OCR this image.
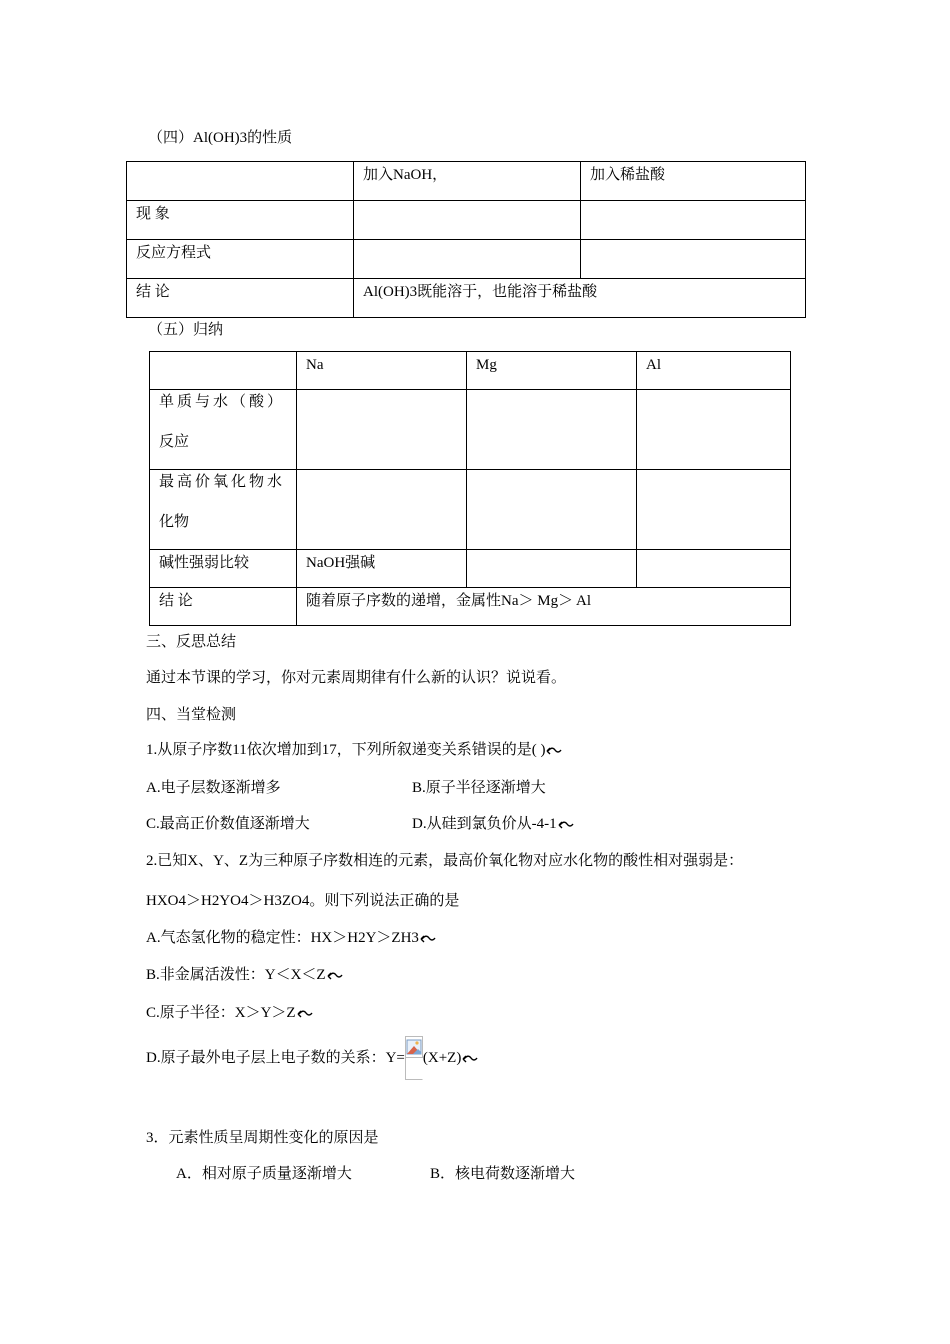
（四）Al(OH)3的性质
	加入NaOH，	加入稀盐酸
现 象		
反应方程式		
结 论	Al(OH)3既能溶于，也能溶于稀盐酸	
（五）归纳
	Na	Mg	Al

单质与水（酸）
反应			

最高价氧化物水
化物			

碱性强弱比较	NaOH强碱		
结 论	随着原子序数的递增，金属性Na＞ Mg＞ Al		
三、反思总结
通过本节课的学习，你对元素周期律有什么新的认识？说说看。
四、当堂检测
1.从原子序数11依次增加到17，下列所叙递变关系错误的是( )
A.电子层数逐渐增多	B.原子半径逐渐增大
C.最高正价数值逐渐增大	D.从硅到氯负价从-4-1
2.已知X、Y、Z为三种原子序数相连的元素，最高价氧化物对应水化物的酸性相对强弱是：
HXO4＞H2YO4＞H3ZO4。则下列说法正确的是
A.气态氢化物的稳定性：HX＞H2Y＞ZH3
B.非金属活泼性：Y＜X＜Z
C.原子半径：X＞Y＞Z
D.原子最外电子层上电子数的关系：Y= (X+Z)
3．元素性质呈周期性变化的原因是
A．相对原子质量逐渐增大	B．核电荷数逐渐增大
